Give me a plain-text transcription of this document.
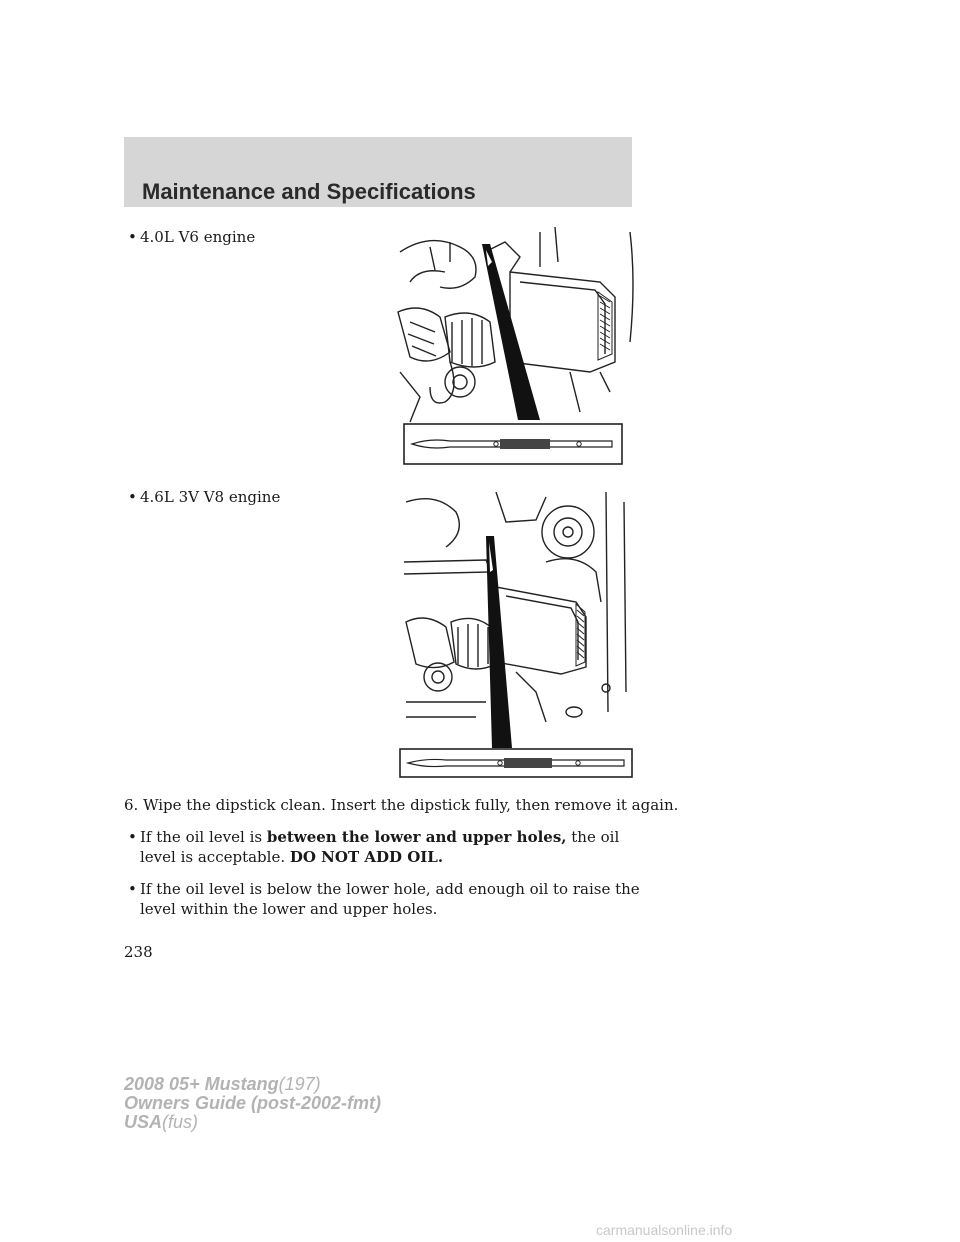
Maintenance and Specifications
• 4.0L V6 engine
• 4.6L 3V V8 engine
6. Wipe the dipstick clean. Insert the dipstick fully, then remove it again.
• If the oil level is between the lower and upper holes, the oil level is acceptable. DO NOT ADD OIL.
• If the oil level is below the lower hole, add enough oil to raise the level within the lower and upper holes.
238
2008 05+ Mustang(197)
Owners Guide (post-2002-fmt)
USA(fus)
carmanualsonline.info
